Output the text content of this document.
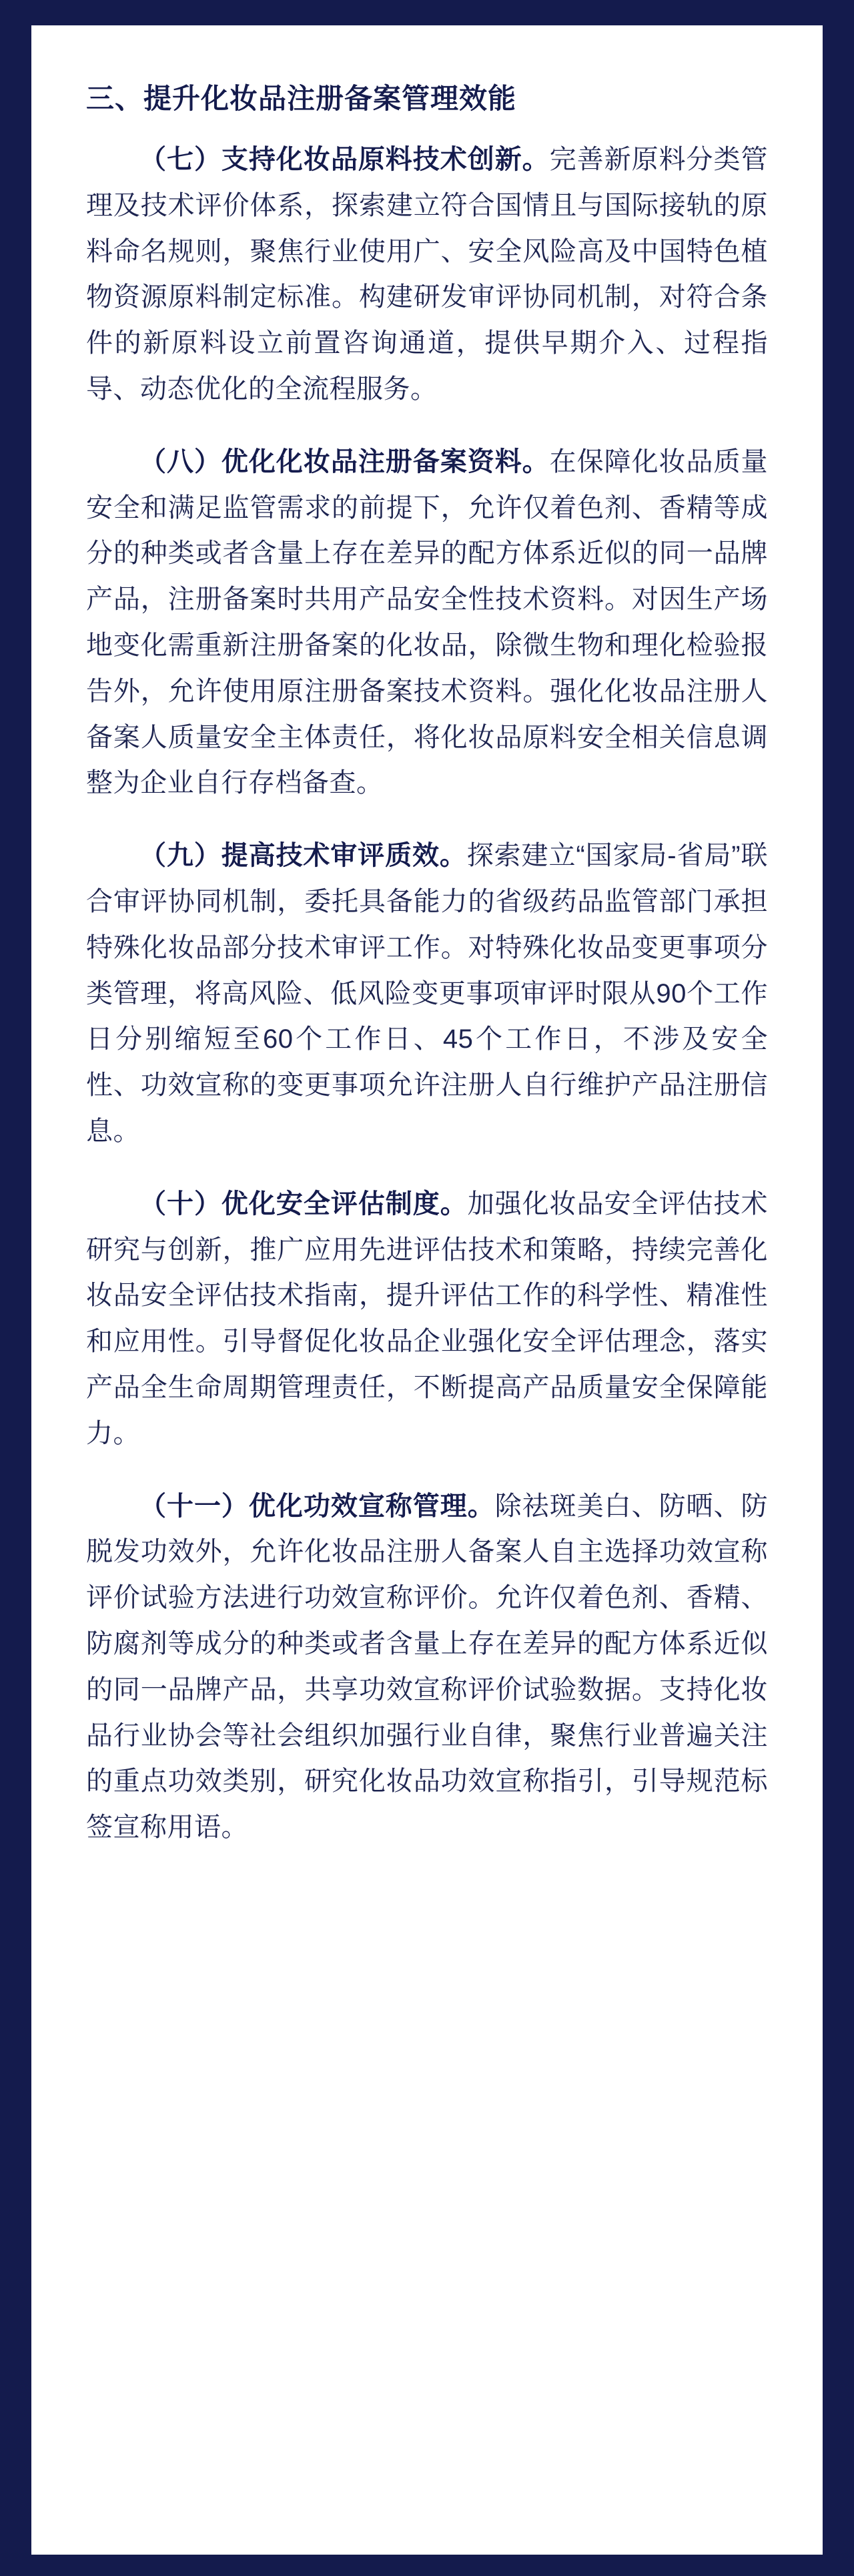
三、提升化妆品注册备案管理效能

（七）支持化妆品原料技术创新。完善新原料分类管理及技术评价体系，探索建立符合国情且与国际接轨的原料命名规则，聚焦行业使用广、安全风险高及中国特色植物资源原料制定标准。构建研发审评协同机制，对符合条件的新原料设立前置咨询通道，提供早期介入、过程指导、动态优化的全流程服务。

（八）优化化妆品注册备案资料。在保障化妆品质量安全和满足监管需求的前提下，允许仅着色剂、香精等成分的种类或者含量上存在差异的配方体系近似的同一品牌产品，注册备案时共用产品安全性技术资料。对因生产场地变化需重新注册备案的化妆品，除微生物和理化检验报告外，允许使用原注册备案技术资料。强化化妆品注册人备案人质量安全主体责任，将化妆品原料安全相关信息调整为企业自行存档备查。

（九）提高技术审评质效。探索建立“国家局-省局”联合审评协同机制，委托具备能力的省级药品监管部门承担特殊化妆品部分技术审评工作。对特殊化妆品变更事项分类管理，将高风险、低风险变更事项审评时限从90个工作日分别缩短至60个工作日、45个工作日，不涉及安全性、功效宣称的变更事项允许注册人自行维护产品注册信息。

（十）优化安全评估制度。加强化妆品安全评估技术研究与创新，推广应用先进评估技术和策略，持续完善化妆品安全评估技术指南，提升评估工作的科学性、精准性和应用性。引导督促化妆品企业强化安全评估理念，落实产品全生命周期管理责任，不断提高产品质量安全保障能力。

（十一）优化功效宣称管理。除祛斑美白、防晒、防脱发功效外，允许化妆品注册人备案人自主选择功效宣称评价试验方法进行功效宣称评价。允许仅着色剂、香精、防腐剂等成分的种类或者含量上存在差异的配方体系近似的同一品牌产品，共享功效宣称评价试验数据。支持化妆品行业协会等社会组织加强行业自律，聚焦行业普遍关注的重点功效类别，研究化妆品功效宣称指引，引导规范标签宣称用语。
